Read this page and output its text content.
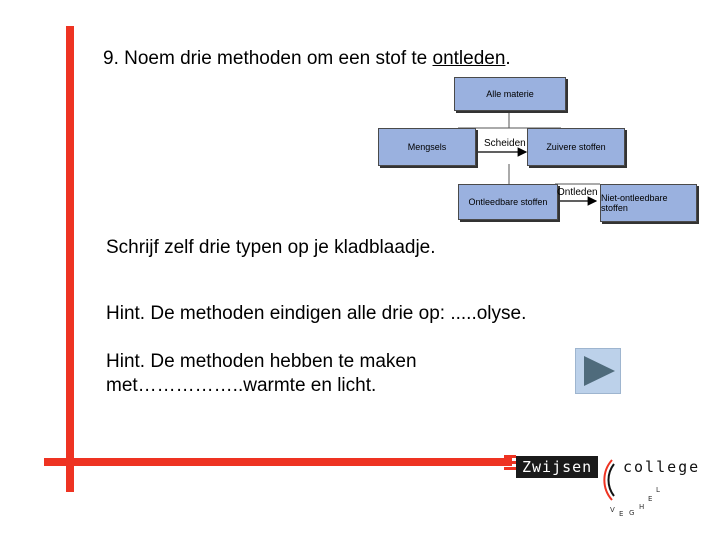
9. Noem drie methoden om een stof te ontleden.
Alle materie
Mengsels	Zuivere stoffen
Ontleedbare stoffen	Niet-ontleedbare stoffen
Scheiden
Ontleden
Schrijf zelf drie typen op je kladblaadje.
Hint. De methoden eindigen alle drie op: .....olyse.
Hint. De methoden hebben te maken
met……………..warmte en licht.
Zwijsen	college
V E G HEL
